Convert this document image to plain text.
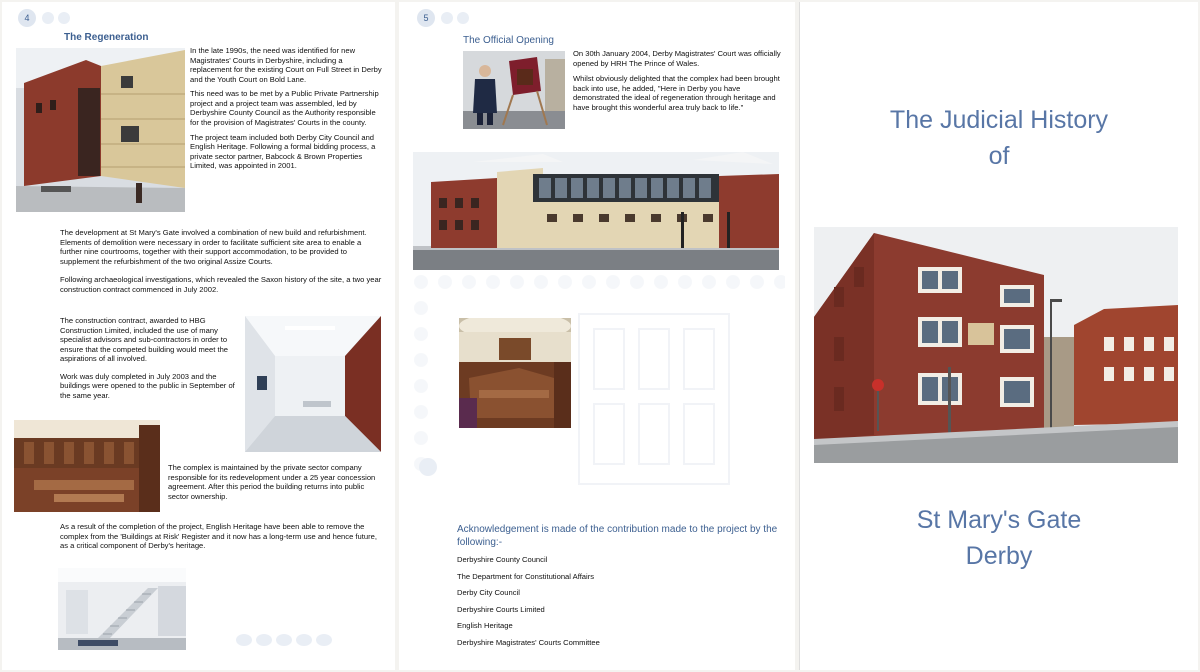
4
The Regeneration

In the late 1990s, the need was identified for new Magistrates' Courts in Derbyshire, including a replacement for the existing Court on Full Street in Derby and the Youth Court on Bold Lane.

This need was to be met by a Public Private Partnership project and a project team was assembled, led by Derbyshire County Council as the Authority responsible for the provision of Magistrates' Courts in the county.

The project team included both Derby City Council and English Heritage. Following a formal bidding process, a private sector partner, Babcock & Brown Properties Limited, was appointed in 2001.

The development at St Mary's Gate involved a combination of new build and refurbishment. Elements of demolition were necessary in order to facilitate sufficient site area to enable a further nine courtrooms, together with their support accommodation, to be provided to supplement the refurbishment of the two original Assize Courts.

Following archaeological investigations, which revealed the Saxon history of the site, a two year construction contract commenced in July 2002.

The construction contract, awarded to HBG Construction Limited, included the use of many specialist advisors and sub-contractors in order to ensure that the competed building would meet the aspirations of all involved.

Work was duly completed in July 2003 and the buildings were opened to the public in September of the same year.

The complex is maintained by the private sector company responsible for its redevelopment under a 25 year concession agreement. After this period the building returns into public sector ownership.

As a result of the completion of the project, English Heritage have been able to remove the complex from the 'Buildings at Risk' Register and it now has a long-term use and hence future, as a critical component of Derby's heritage.

5
The Official Opening

On 30th January 2004, Derby Magistrates' Court was officially opened by HRH The Prince of Wales.

Whilst obviously delighted that the complex had been brought back into use, he added, "Here in Derby you have demonstrated the ideal of regeneration through heritage and have brought this wonderful area truly back to life."

Acknowledgement is made of the contribution made to the project by the following:-
Derbyshire County Council
The Department for Constitutional Affairs
Derby City Council
Derbyshire Courts Limited
English Heritage
Derbyshire Magistrates' Courts Committee
The Judicial History
of
St Mary's Gate
Derby
